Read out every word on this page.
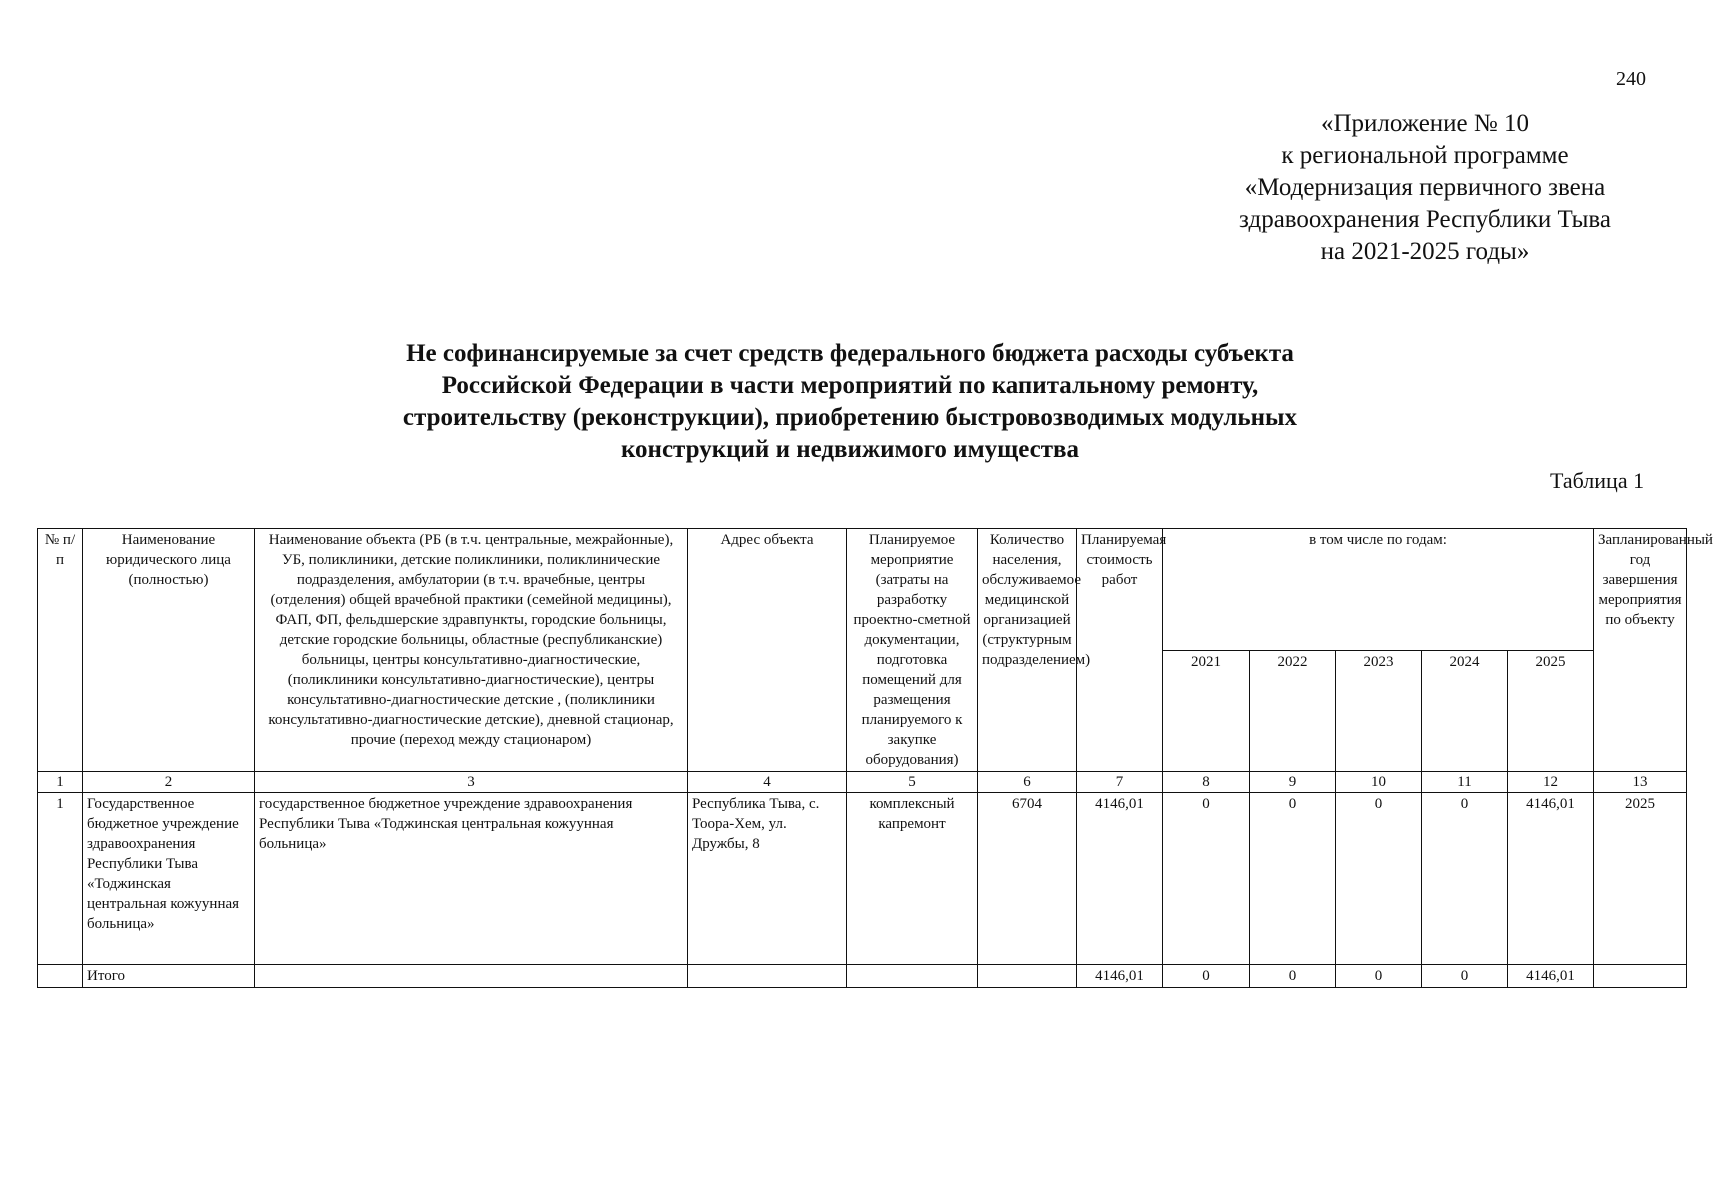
240
«Приложение № 10
к региональной программе
«Модернизация первичного звена
здравоохранения Республики Тыва
на 2021-2025 годы»
Не софинансируемые за счет средств федерального бюджета расходы субъекта
Российской Федерации в части мероприятий по капитальному ремонту,
строительству (реконструкции), приобретению быстровозводимых модульных
конструкций и недвижимого имущества
Таблица 1
№ п/п	Наименование юридического лица (полностью)	Наименование объекта (РБ (в т.ч. центральные, межрайонные), УБ, поликлиники, детские поликлиники, поликлинические подразделения, амбулатории (в т.ч. врачебные, центры (отделения) общей врачебной практики (семейной медицины), ФАП, ФП, фельдшерские здравпункты, городские больницы, детские городские больницы, областные (республиканские) больницы, центры консультативно-диагностические, (поликлиники консультативно-диагностические), центры консультативно-диагностические детские , (поликлиники консультативно-диагностические детские), дневной стационар, прочие (переход между стационаром)	Адрес объекта	Планируемое мероприятие (затраты на разработку проектно-сметной документации, подготовка помещений для размещения планируемого к закупке оборудования)	Количество населения, обслуживаемое медицинской организацией (структурным подразделением)	Планируемая стоимость работ	в том числе по годам:					Запланированный год завершения мероприятия по объекту
							2021	2022	2023	2024	2025	
1	2	3	4	5	6	7	8	9	10	11	12	13
1	Государственное бюджетное учреждение здравоохранения Республики Тыва «Тоджинская центральная кожуунная больница»	государственное бюджетное учреждение здравоохранения Республики Тыва «Тоджинская центральная кожуунная больница»	Республика Тыва, с. Тоора-Хем, ул. Дружбы, 8	комплексный капремонт	6704	4146,01	0	0	0	0	4146,01	2025
	Итого					4146,01	0	0	0	0	4146,01	
